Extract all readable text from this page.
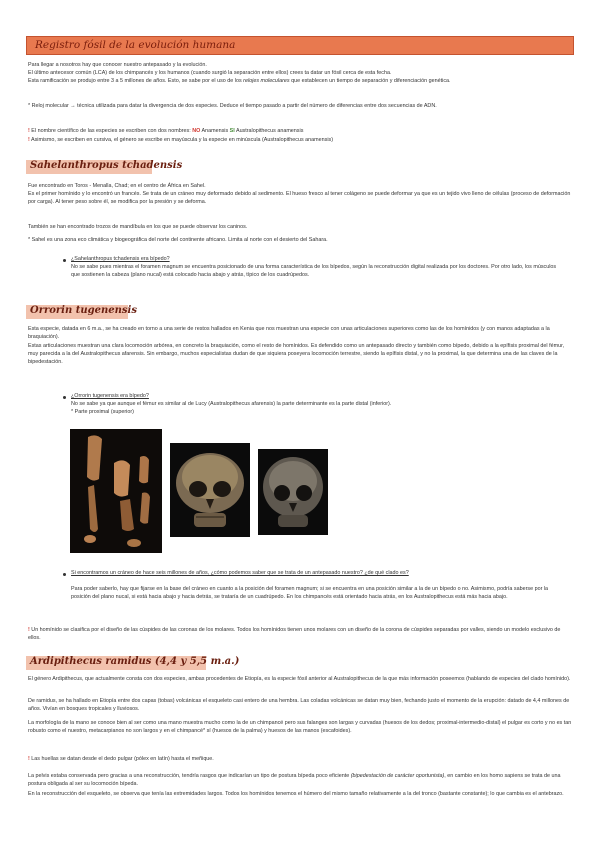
Registro fósil de la evolución humana
Para llegar a nosotros hay que conocer nuestro antepasado y la evolución.
El último antecesor común (LCA) de los chimpancés y los humanos (cuando surgió la separación entre ellos) crees ta datar un fósil cerca de esta fecha.
Esta ramificación se produjo entre 3 a 5 millones de años. Esto, se sabe por el uso de los relojes moleculares que establecen un tiempo de separación y diferenciación genética.
* Reloj molecular → técnica utilizada para datar la divergencia de dos especies. Deduce el tiempo pasado a partir del número de diferencias entre dos secuencias de ADN.
! El nombre científico de las especies se escriben con dos nombres: NO Anamensis SI Australopithecus anamensis
! Asimismo, se escriben en cursiva, el género se escribe en mayúscula y la especie en minúscula (Australopithecus anamensis)
Sahelanthropus tchadensis
Fue encontrado en Toros - Menalla, Chad; en el centro de África en Sahel.
Es el primer homínido y lo encontró un francés. Se trata de un cráneo muy deformado debido al sedimento. El hueso fresco al tener colágeno se puede deformar ya que es un tejido vivo lleno de células (proceso de deformación por carga). Al tener peso sobre él, se modifica por la presión y se deforma.
También se han encontrado trozos de mandíbula en los que se puede observar los caninos.
* Sahel es una zona eco climática y biogeográfica del norte del continente africano. Limita al norte con el desierto del Sahara.
¿Sahelanthropus tchadensis era bípedo?
No se sabe pues mientras el foramen magnum se encuentra posicionado de una forma característica de los bípedos, según la reconstrucción digital realizada por los doctores. Por otro lado, los músculos que sostienen la cabeza (plano nucal) está colocado hacia abajo y atrás, típico de los cuadrúpedos.
Orrorin tugenensis
Esta especie, datada en 6 m.a., se ha creado en torno a una serie de restos hallados en Kenia que nos muestran una especie con unas articulaciones superiores como las de los homínidos (y con manos adaptadas a la braquiación).
Estas articulaciones muestran una clara locomoción arbórea, en concreto la braquiación, como el resto de homínidos. Es defendido como un antepasado directo y también como bípedo, debido a la epífisis proximal del fémur, muy parecida a la del Australopithecus afarensis. Sin embargo, muchos especialistas dudan de que siquiera poseyera locomoción terrestre, siendo la epífisis distal, y no la proximal, la que determina una de las claves de la bipedestación.
¿Orrorin tugenensis era bípedo?
No se sabe ya que aunque el fémur es similar al de Lucy (Australopithecus afarensis) la parte determinante es la parte distal (inferior).
* Parte proximal (superior)
Si encontramos un cráneo de hace seis millones de años, ¿cómo podemos saber que se trata de un antepasado nuestro? ¿de qué clado es?
Para poder saberlo, hay que fijarse en la base del cráneo en cuanto a la posición del foramen magnum; si se encuentra en una posición similar a la de un bípedo o no. Asimismo, podría saberse por la posición del plano nucal, si está hacia abajo y hacia detrás, se trataría de un cuadrúpedo. En los chimpancés está orientado hacia atrás, en los Australopithecus está más hacia abajo.
! Un homínido se clasifica por el diseño de las cúspides de las coronas de los molares. Todos los homínidos tienen unos molares con un diseño de la corona de cúspides separadas por valles, siendo un modelo exclusivo de ellos.
Ardipithecus ramidus (4,4 y 5,5 m.a.)
El género Ardipithecus, que actualmente consta con dos especies, ambas procedentes de Etiopía, es la especie fósil anterior al Australopithecus de la que más información poseemos (hablando de especies del clado homínido).
De ramidus, se ha hallado en Etiopía entre dos capas (tobas) volcánicas el esqueleto casi entero de una hembra. Las coladas volcánicas se datan muy bien, fechando justo el momento de la erupción: datado de 4,4 millones de años. Vivían en bosques tropicales y lluviosos.
La morfología de la mano se conoce bien al ser como una mano muestra mucho como la de un chimpancé pero sus falanges son largas y curvadas (huesos de los dedos; proximal-intermedio-distal) el pulgar es corto y no es tan robusto como el nuestro, metacarpianos no son largos y en el chimpancé* sí (huesos de la palma) y huesos de las manos (escafoides).
! Las huellas se datan desde el dedo pulgar (pólex en latín) hasta el meñique.
La pelvis estaba conservada pero gracias a una reconstrucción, tendría rasgos que indicarían un tipo de postura bípeda poco eficiente (bipedestación de carácter oportunista), en cambio en los homo sapiens se trata de una postura obligada al ser su locomoción bípeda.
En la reconstrucción del esqueleto, se observa que tenía las extremidades largos. Todos los homínidos tenemos el húmero del mismo tamaño relativamente a la del tronco (bastante constante); lo que cambia es el antebrazo.
